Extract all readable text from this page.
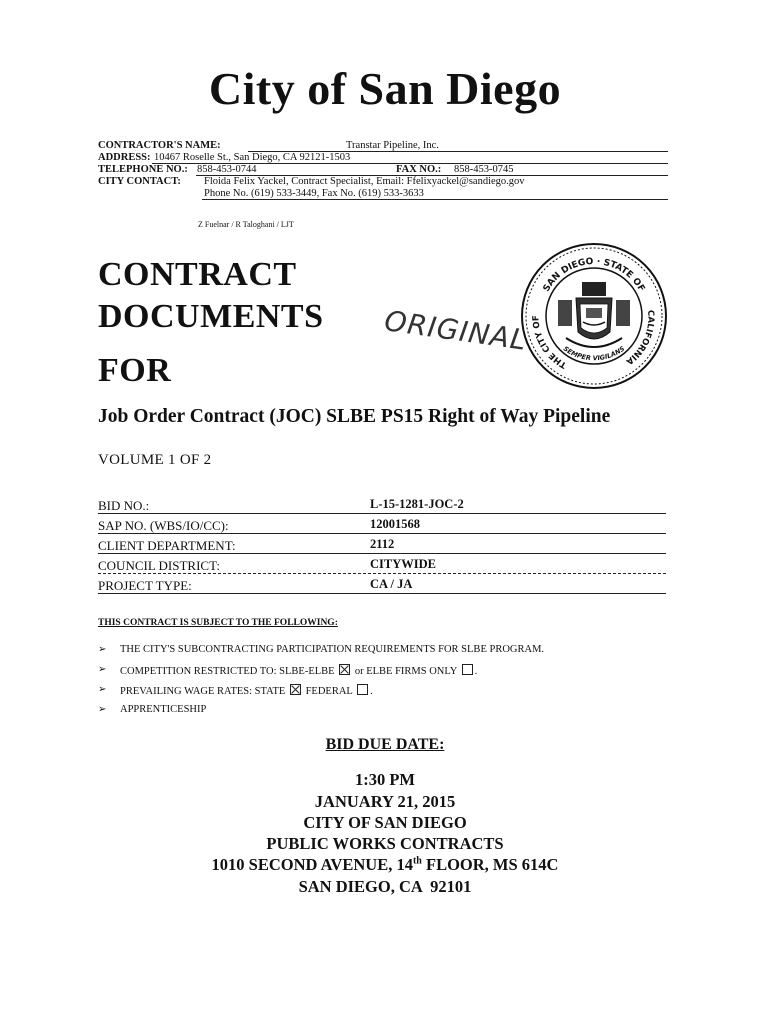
City of San Diego
CONTRACTOR'S NAME:	Transtar Pipeline, Inc.
ADDRESS: 10467 Roselle St., San Diego, CA 92121-1503
TELEPHONE NO.: 858-453-0744	FAX NO.: 858-453-0745
CITY CONTACT: Floida Felix Yackel, Contract Specialist, Email: Ffelixyackel@sandiego.gov
Phone No. (619) 533-3449, Fax No. (619) 533-3633
Z Fuelnar / R Taloghani / LJT
CONTRACT
DOCUMENTS
FOR
ORIGINAL
SAN DIEGO · STATE OF
THE CITY OF
CALIFORNIA
SEMPER VIGILANS
Job Order Contract (JOC) SLBE PS15 Right of Way Pipeline
VOLUME 1 OF 2
BID NO.:	L-15-1281-JOC-2
SAP NO. (WBS/IO/CC):	12001568
CLIENT DEPARTMENT:	2112
COUNCIL DISTRICT:	CITYWIDE
PROJECT TYPE:	CA / JA
THIS CONTRACT IS SUBJECT TO THE FOLLOWING:
➢ THE CITY'S SUBCONTRACTING PARTICIPATION REQUIREMENTS FOR SLBE PROGRAM.
➢ COMPETITION RESTRICTED TO: SLBE-ELBE or ELBE FIRMS ONLY .
➢ PREVAILING WAGE RATES: STATE FEDERAL .
➢ APPRENTICESHIP
BID DUE DATE:
1:30 PM
JANUARY 21, 2015
CITY OF SAN DIEGO
PUBLIC WORKS CONTRACTS
1010 SECOND AVENUE, 14th FLOOR, MS 614C
SAN DIEGO, CA  92101
